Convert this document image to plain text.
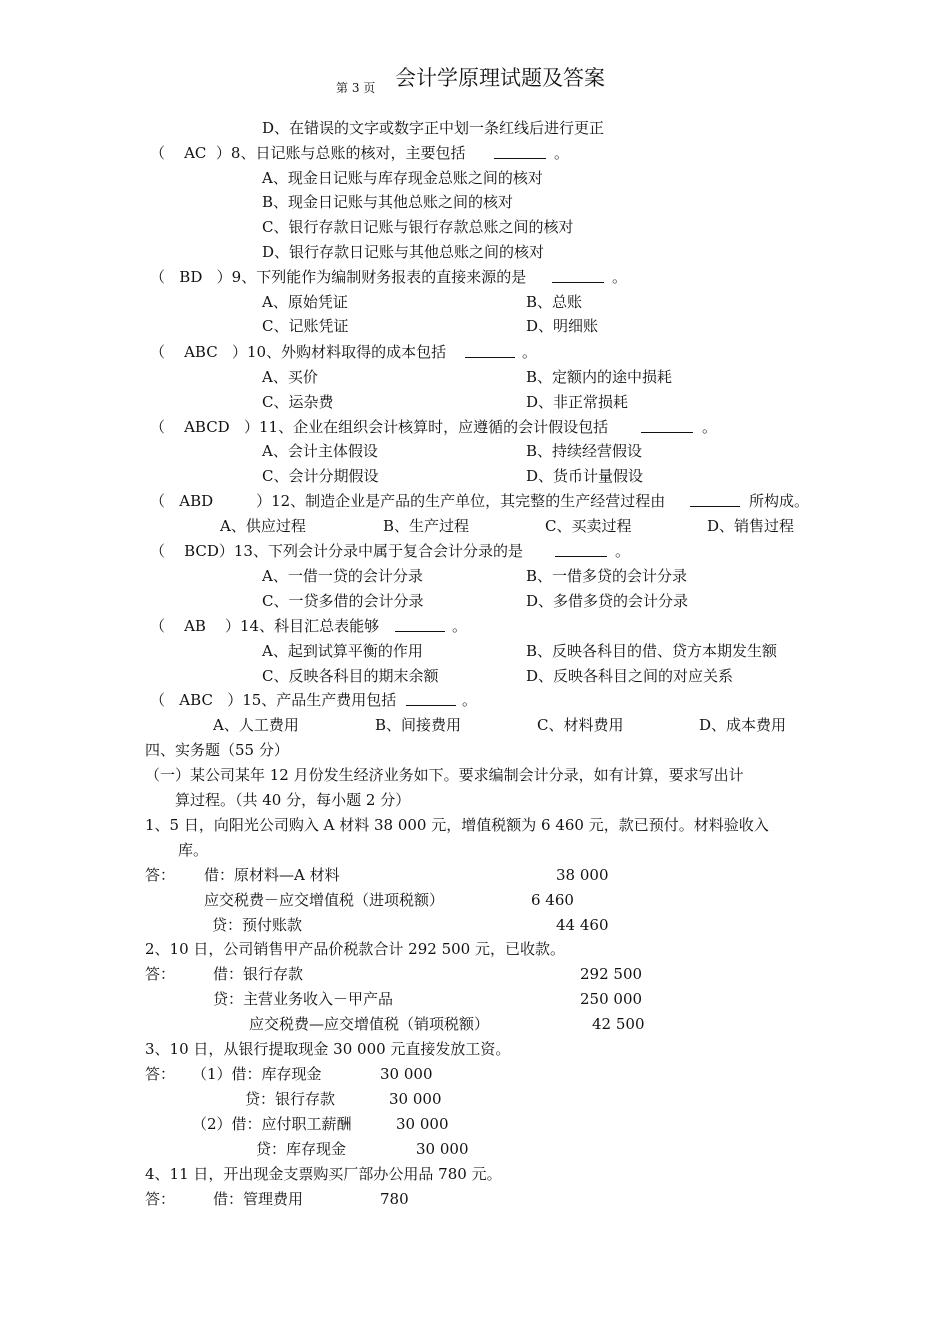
第 3 页 会计学原理试题及答案
D、在错误的文字或数字正中划一条红线后进行更正
（    AC  ）8、日记账与总账的核对，主要包括	。
A、现金日记账与库存现金总账之间的核对
B、现金日记账与其他总账之间的核对
C、银行存款日记账与银行存款总账之间的核对
D、银行存款日记账与其他总账之间的核对
（   BD   ）9、下列能作为编制财务报表的直接来源的是	。
A、原始凭证	B、总账
C、记账凭证	D、明细账
（    ABC   ）10、外购材料取得的成本包括	。
A、买价	B、定额内的途中损耗
C、运杂费	D、非正常损耗
（    ABCD   ）11、企业在组织会计核算时，应遵循的会计假设包括	。
A、会计主体假设	B、持续经营假设
C、会计分期假设	D、货币计量假设
（   ABD         ）12、制造企业是产品的生产单位，其完整的生产经营过程由	所构成。
A、供应过程	B、生产过程	C、买卖过程	D、销售过程
（    BCD）13、下列会计分录中属于复合会计分录的是	。
A、一借一贷的会计分录	B、一借多贷的会计分录
C、一贷多借的会计分录	D、多借多贷的会计分录
（    AB    ）14、科目汇总表能够	。
A、起到试算平衡的作用	B、反映各科目的借、贷方本期发生额
C、反映各科目的期末余额	D、反映各科目之间的对应关系
（   ABC   ）15、产品生产费用包括	。
A、人工费用	B、间接费用	C、材料费用	D、成本费用
四、实务题（55 分）
（一）某公司某年 12 月份发生经济业务如下。要求编制会计分录，如有计算，要求写出计
算过程。（共 40 分，每小题 2 分）
1、5 日，向阳光公司购入 A 材料 38 000 元，增值税额为 6 460 元，款已预付。材料验收入
库。
答： 借：原材料—A 材料	38 000
应交税费－应交增值税（进项税额）	6 460
贷：预付账款	44 460
2、10 日，公司销售甲产品价税款合计 292 500 元，已收款。
答：	借：银行存款	292 500
贷：主营业务收入－甲产品	250 000
应交税费—应交增值税（销项税额）	42 500
3、10 日，从银行提取现金 30 000 元直接发放工资。
答： （1）借：库存现金	30 000
贷：银行存款	30 000
（2）借：应付职工薪酬	30 000
贷：库存现金	30 000
4、11 日，开出现金支票购买厂部办公用品 780 元。
答：	借：管理费用	780
